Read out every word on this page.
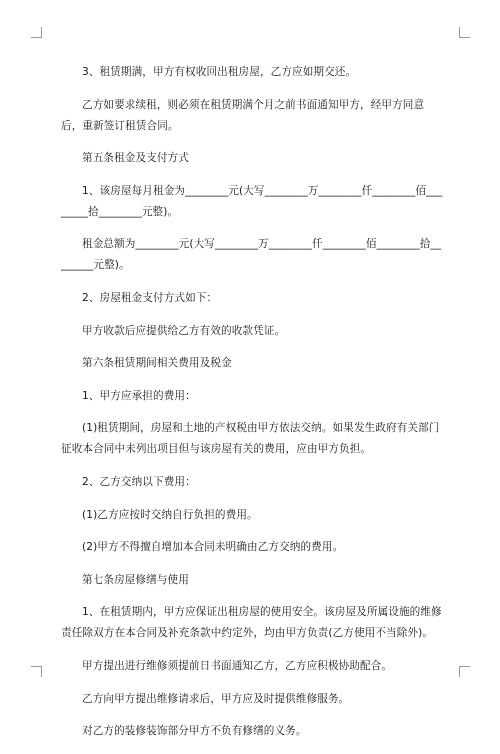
3、租赁期满，甲方有权收回出租房屋，乙方应如期交还。

乙方如要求续租，则必须在租赁期满个月之前书面通知甲方，经甲方同意后，重新签订租赁合同。

第五条租金及支付方式

1、该房屋每月租金为________元(大写________万________仟________佰________拾________元整)。

租金总额为________元(大写________万________仟________佰________拾________元整)。

2、房屋租金支付方式如下：

甲方收款后应提供给乙方有效的收款凭证。

第六条租赁期间相关费用及税金

1、甲方应承担的费用：

(1)租赁期间，房屋和土地的产权税由甲方依法交纳。如果发生政府有关部门征收本合同中未列出项目但与该房屋有关的费用，应由甲方负担。

2、乙方交纳以下费用：

(1)乙方应按时交纳自行负担的费用。

(2)甲方不得擅自增加本合同未明确由乙方交纳的费用。

第七条房屋修缮与使用

1、在租赁期内，甲方应保证出租房屋的使用安全。该房屋及所属设施的维修责任除双方在本合同及补充条款中约定外，均由甲方负责(乙方使用不当除外)。

甲方提出进行维修须提前日书面通知乙方，乙方应积极协助配合。

乙方向甲方提出维修请求后，甲方应及时提供维修服务。

对乙方的装修装饰部分甲方不负有修缮的义务。
